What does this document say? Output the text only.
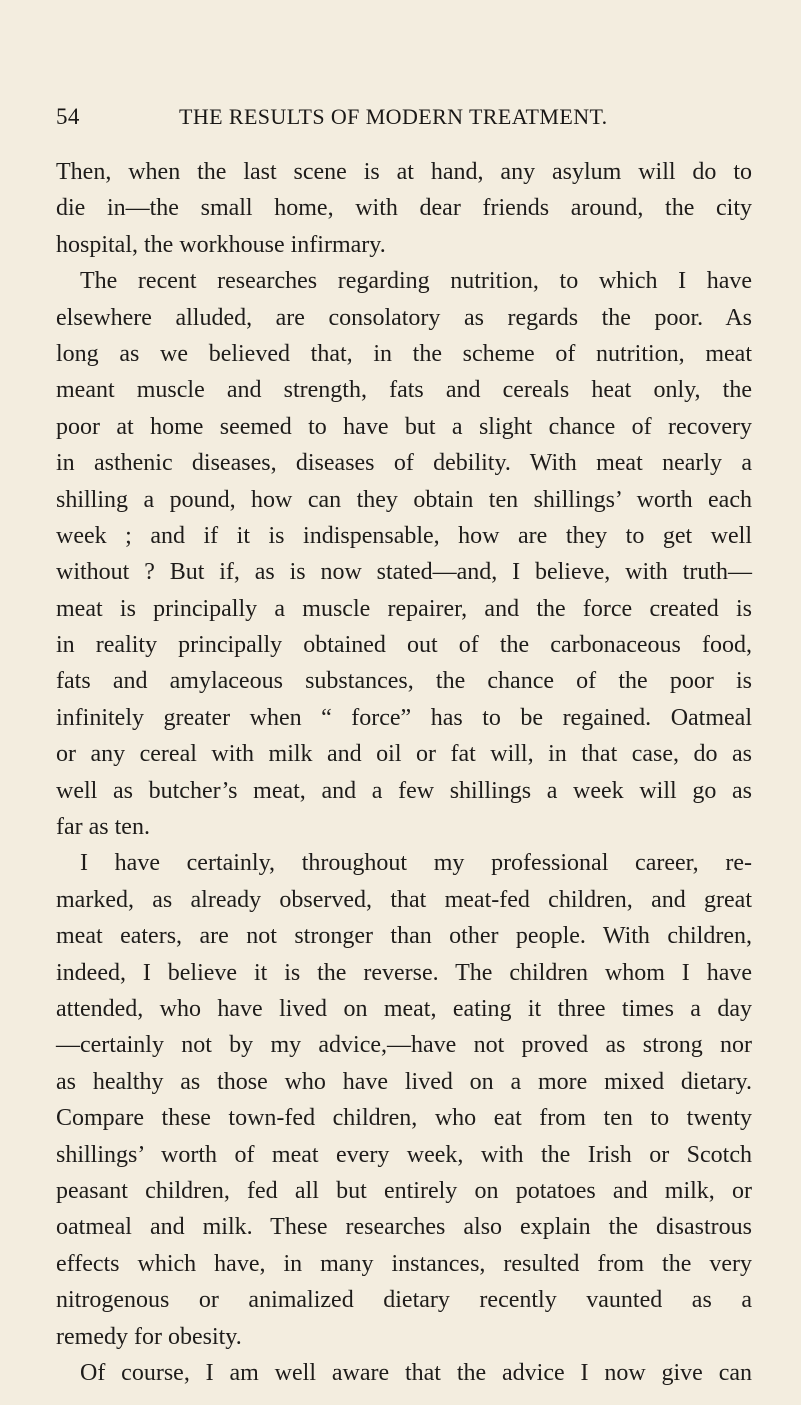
54	THE RESULTS OF MODERN TREATMENT.

Then, when the last scene is at hand, any asylum will do to
die in—the small home, with dear friends around, the city
hospital, the workhouse infirmary.

The recent researches regarding nutrition, to which I have
elsewhere alluded, are consolatory as regards the poor. As
long as we believed that, in the scheme of nutrition, meat
meant muscle and strength, fats and cereals heat only, the
poor at home seemed to have but a slight chance of recovery
in asthenic diseases, diseases of debility. With meat nearly a
shilling a pound, how can they obtain ten shillings’ worth each
week ; and if it is indispensable, how are they to get well
without ? But if, as is now stated—and, I believe, with truth—
meat is principally a muscle repairer, and the force created is
in reality principally obtained out of the carbonaceous food,
fats and amylaceous substances, the chance of the poor is
infinitely greater when “ force” has to be regained. Oatmeal
or any cereal with milk and oil or fat will, in that case, do as
well as butcher’s meat, and a few shillings a week will go as
far as ten.

I have certainly, throughout my professional career, re-
marked, as already observed, that meat-fed children, and great
meat eaters, are not stronger than other people. With children,
indeed, I believe it is the reverse. The children whom I have
attended, who have lived on meat, eating it three times a day
—certainly not by my advice,—have not proved as strong nor
as healthy as those who have lived on a more mixed dietary.
Compare these town-fed children, who eat from ten to twenty
shillings’ worth of meat every week, with the Irish or Scotch
peasant children, fed all but entirely on potatoes and milk, or
oatmeal and milk. These researches also explain the disastrous
effects which have, in many instances, resulted from the very
nitrogenous or animalized dietary recently vaunted as a
remedy for obesity.

Of course, I am well aware that the advice I now give can
